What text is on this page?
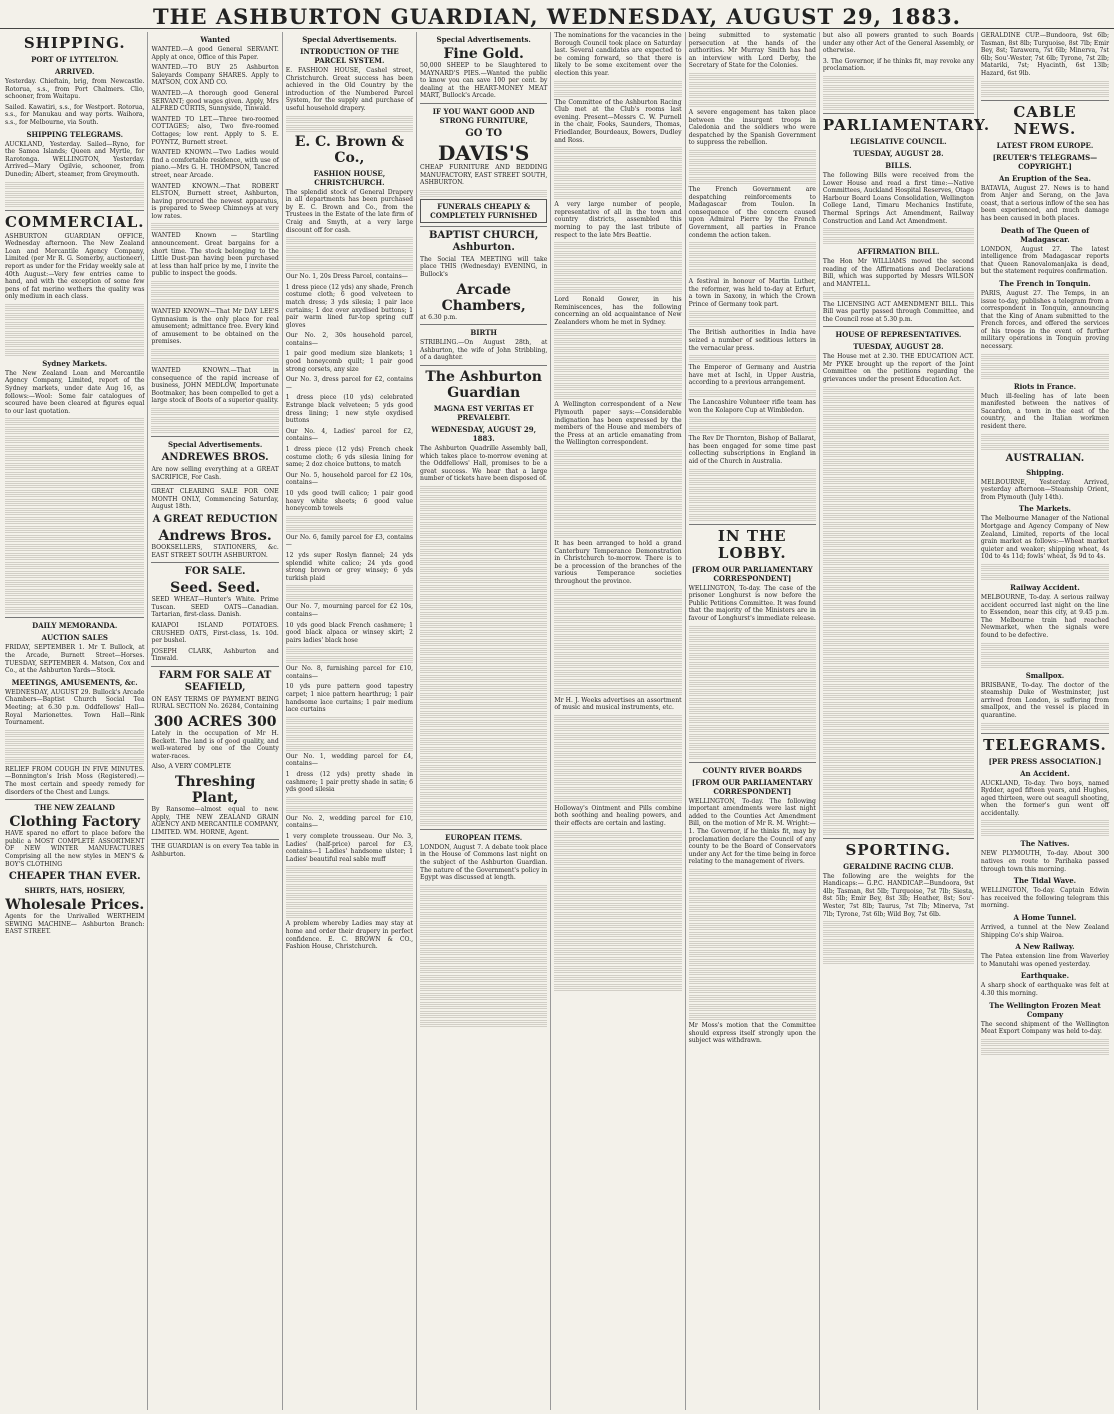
THE ASHBURTON GUARDIAN, WEDNESDAY, AUGUST 29, 1883.
SHIPPING.
PORT OF LYTTELTON.
ARRIVED.

Yesterday. Chieftain, brig, from Newcastle. Rotorua, s.s., from Port Chalmers. Clio, schooner, from Waitapu.

Sailed. Kawatiri, s.s., for Westport. Rotorua, s.s., for Manukau and way ports. Waihora, s.s., for Melbourne, via South.

SHIPPING TELEGRAMS.

AUCKLAND, Yesterday. Sailed—Ryno, for the Samoa Islands; Queen and Myrtle, for Rarotonga. WELLINGTON, Yesterday. Arrived—Mary Ogilvie, schooner, from Dunedin; Albert, steamer, from Greymouth.

COMMERCIAL.

ASHBURTON GUARDIAN OFFICE, Wednesday afternoon. The New Zealand Loan and Mercantile Agency Company, Limited (per Mr R. G. Somerby, auctioneer), report as under for the Friday weekly sale at 40th August:—Very few entries came to hand, and with the exception of some few pens of fat merino wethers the quality was only medium in each class.

Sydney Markets.

The New Zealand Loan and Mercantile Agency Company, Limited, report of the Sydney markets, under date Aug 16, as follows:—Wool: Some fair catalogues of scoured have been cleared at figures equal to our last quotation.

DAILY MEMORANDA.
AUCTION SALES

FRIDAY, SEPTEMBER 1. Mr T. Bullock, at the Arcade, Burnett Street—Horses. TUESDAY, SEPTEMBER 4. Matson, Cox and Co., at the Ashburton Yards—Stock.

MEETINGS, AMUSEMENTS, &c.

WEDNESDAY, AUGUST 29. Bullock's Arcade Chambers—Baptist Church Social Tea Meeting; at 6.30 p.m. Oddfellows' Hall—Royal Marionettes. Town Hall—Rink Tournament.

RELIEF FROM COUGH IN FIVE MINUTES.—Bonnington's Irish Moss (Registered).—The most certain and speedy remedy for disorders of the Chest and Lungs.

THE NEW ZEALAND
Clothing Factory

HAVE spared no effort to place before the public a MOST COMPLETE ASSORTMENT OF NEW WINTER MANUFACTURES Comprising all the new styles in MEN'S & BOY'S CLOTHING

CHEAPER THAN EVER.
SHIRTS, HATS, HOSIERY,
Wholesale Prices.

Agents for the Unrivalled WERTHEIM SEWING MACHINE— Ashburton Branch: EAST STREET.

Wanted

WANTED.—A good General SERVANT. Apply at once, Office of this Paper.

WANTED.—TO BUY 25 Ashburton Saleyards Company SHARES. Apply to MATSON, COX AND CO.

WANTED.—A thorough good General SERVANT; good wages given. Apply, Mrs ALFRED CURTIS, Sunnyside, Tinwald.

WANTED TO LET.—Three two-roomed COTTAGES; also, Two five-roomed Cottages; low rent. Apply to S. E. POYNTZ, Burnett street.

WANTED KNOWN.—Two Ladies would find a comfortable residence, with use of piano.—Mrs G. H. THOMPSON, Tancred street, near Arcade.

WANTED KNOWN.—That ROBERT ELSTON, Burnett street, Ashburton, having procured the newest apparatus, is prepared to Sweep Chimneys at very low rates.

WANTED Known — Startling announcement. Great bargains for a short time. The stock belonging to the Little Dust-pan having been purchased at less than half price by me, I invite the public to inspect the goods.

WANTED KNOWN—That Mr DAY LEE'S Gymnasium is the only place for real amusement; admittance free. Every kind of amusement to be obtained on the premises.

WANTED KNOWN.—That in consequence of the rapid increase of business, JOHN MEDLOW, Importunate Bootmaker, has been compelled to get a large stock of Boots of a superior quality.

Special Advertisements.
ANDREWES BROS.

Are now selling everything at a GREAT SACRIFICE, For Cash.

GREAT CLEARING SALE FOR ONE MONTH ONLY, Commencing Saturday, August 18th.

A GREAT REDUCTION
Andrews Bros.

BOOKSELLERS, STATIONERS, &c. EAST STREET SOUTH ASHBURTON.

FOR SALE.
Seed. Seed.

SEED WHEAT—Hunter's White. Prime Tuscan. SEED OATS—Canadian. Tartarian, first-class. Danish.

KAIAPOI ISLAND POTATOES. CRUSHED OATS, First-class, 1s. 10d. per bushel.

JOSEPH CLARK, Ashburton and Tinwald.

FARM FOR SALE AT SEAFIELD,

ON EASY TERMS OF PAYMENT BEING RURAL SECTION No. 26284, Containing

300 ACRES 300

Lately in the occupation of Mr H. Beckett. The land is of good quality, and well-watered by one of the County water-races.

Also, A VERY COMPLETE

Threshing Plant,

By Ransome—almost equal to new. Apply, THE NEW ZEALAND GRAIN AGENCY AND MERCANTILE COMPANY, LIMITED. WM. HORNE, Agent.

THE GUARDIAN is on every Tea table in Ashburton.

Special Advertisements.
INTRODUCTION OF THE PARCEL SYSTEM.

E. FASHION HOUSE, Cashel street, Christchurch. Great success has been achieved in the Old Country by the introduction of the Numbered Parcel System, for the supply and purchase of useful household drapery.

E. C. Brown & Co.,
FASHION HOUSE, CHRISTCHURCH.

The splendid stock of General Drapery in all departments has been purchased by E. C. Brown and Co., from the Trustees in the Estate of the late firm of Craig and Smyth, at a very large discount off for cash.

Our No. 1, 20s Dress Parcel, contains—

1 dress piece (12 yds) any shade, French costume cloth; 6 good velveteen to match dress; 3 yds silesia; 1 pair lace curtains; 1 doz over axydised buttons; 1 pair warm lined fur-top spring cuff gloves

Our No. 2, 30s household parcel, contains—

1 pair good medium size blankets; 1 good honeycomb quilt; 1 pair good strong corsets, any size

Our No. 3, dress parcel for £2, contains—

1 dress piece (10 yds) celebrated Estrange black velveteen; 5 yds good dress lining; 1 new style oxydised buttons

Our No. 4, Ladies' parcel for £2, contains—

1 dress piece (12 yds) French cheek costume cloth; 6 yds silesia lining for same; 2 doz choice buttons, to match

Our No. 5, household parcel for £2 10s, contains—

10 yds good twill calico; 1 pair good heavy white sheets; 6 good value honeycomb towels

Our No. 6, family parcel for £3, contains—

12 yds super Roslyn flannel; 24 yds splendid white calico; 24 yds good strong brown or grey winsey; 6 yds turkish plaid

Our No. 7, mourning parcel for £2 10s, contains—

10 yds good black French cashmere; 1 good black alpaca or winsey skirt; 2 pairs ladies' black hose

Our No. 8, furnishing parcel for £10, contains—

10 yds pure pattern good tapestry carpet; 1 nice pattern hearthrug; 1 pair handsome lace curtains; 1 pair medium lace curtains

Our No. 1, wedding parcel for £4, contains—

1 dress (12 yds) pretty shade in cashmere; 1 pair pretty shade in satin; 6 yds good silesia

Our No. 2, wedding parcel for £10, contains—

1 very complete trousseau. Our No. 3, Ladies' (half-price) parcel for £3, contains—1 Ladies' handsome ulster; 1 Ladies' beautiful real sable muff

A problem whereby Ladies may stay at home and order their drapery in perfect confidence. E. C. BROWN & CO., Fashion House, Christchurch.

Special Advertisements.
Fine Gold.

50,000 SHEEP to be Slaughtered to MAYNARD'S PIES.—Wanted the public to know you can save 100 per cent. by dealing at the HEART-MONEY MEAT MART, Bullock's Arcade.

IF YOU WANT GOOD AND STRONG FURNITURE,
GO TO
DAVIS'S

CHEAP FURNITURE AND BEDDING MANUFACTORY, EAST STREET SOUTH, ASHBURTON.

FUNERALS CHEAPLY & COMPLETELY FURNISHED
BAPTIST CHURCH, Ashburton.

The Social TEA MEETING will take place THIS (Wednesday) EVENING, in Bullock's

Arcade Chambers,

at 6.30 p.m.

BIRTH

STRIBLING.—On August 28th, at Ashburton, the wife of John Stribbling, of a daughter.

The Ashburton Guardian
MAGNA EST VERITAS ET PREVALEBIT.
WEDNESDAY, AUGUST 29, 1883.

The Ashburton Quadrille Assembly ball, which takes place to-morrow evening at the Oddfellows' Hall, promises to be a great success. We hear that a large number of tickets have been disposed of.

EUROPEAN ITEMS.

LONDON, August 7. A debate took place in the House of Commons last night on the subject of the Ashburton Guardian. The nature of the Government's policy in Egypt was discussed at length.

The nominations for the vacancies in the Borough Council took place on Saturday last. Several candidates are expected to be coming forward, so that there is likely to be some excitement over the election this year.

The Committee of the Ashburton Racing Club met at the Club's rooms last evening. Present—Messrs C. W. Purnell in the chair, Fooks, Saunders, Thomas, Friedlander, Bourdeaux, Bowers, Dudley and Ross.

A very large number of people, representative of all in the town and country districts, assembled this morning to pay the last tribute of respect to the late Mrs Beattie.

Lord Ronald Gower, in his Reminiscences, has the following concerning an old acquaintance of New Zealanders whom he met in Sydney.

A Wellington correspondent of a New Plymouth paper says:—Considerable indignation has been expressed by the members of the House and members of the Press at an article emanating from the Wellington correspondent.

It has been arranged to hold a grand Canterbury Temperance Demonstration in Christchurch to-morrow. There is to be a procession of the branches of the various Temperance societies throughout the province.

Mr H. J. Weeks advertises an assortment of music and musical instruments, etc.

Holloway's Ointment and Pills combine both soothing and healing powers, and their effects are certain and lasting.

being submitted to systematic persecution at the hands of the authorities. Mr Murray Smith has had an interview with Lord Derby, the Secretary of State for the Colonies.

A severe engagement has taken place between the insurgent troops in Caledonia and the soldiers who were despatched by the Spanish Government to suppress the rebellion.

The French Government are despatching reinforcements to Madagascar from Toulon. In consequence of the concern caused upon Admiral Pierre by the French Government, all parties in France condemn the action taken.

A festival in honour of Martin Luther, the reformer, was held to-day at Erfurt, a town in Saxony, in which the Crown Prince of Germany took part.

The British authorities in India have seized a number of seditious letters in the vernacular press.

The Emperor of Germany and Austria have met at Ischl, in Upper Austria, according to a previous arrangement.

The Lancashire Volunteer rifle team has won the Kolapore Cup at Wimbledon.

The Rev Dr Thornton, Bishop of Ballarat, has been engaged for some time past collecting subscriptions in England in aid of the Church in Australia.

IN THE LOBBY.
[FROM OUR PARLIAMENTARY CORRESPONDENT]

WELLINGTON, To-day. The case of the prisoner Longhurst is now before the Public Petitions Committee. It was found that the majority of the Ministers are in favour of Longhurst's immediate release.

COUNTY RIVER BOARDS
[FROM OUR PARLIAMENTARY CORRESPONDENT]

WELLINGTON, To-day. The following important amendments were last night added to the Counties Act Amendment Bill, on the motion of Mr R. M. Wright:—1. The Governor, if he thinks fit, may by proclamation declare the Council of any county to be the Board of Conservators under any Act for the time being in force relating to the management of rivers.

Mr Moss's motion that the Committee should express itself strongly upon the subject was withdrawn.

but also all powers granted to such Boards under any other Act of the General Assembly, or otherwise.

3. The Governor, if he thinks fit, may revoke any proclamation.

PARLIAMENTARY.
LEGISLATIVE COUNCIL.
TUESDAY, AUGUST 28.
BILLS.

The following Bills were received from the Lower House and read a first time:—Native Committees, Auckland Hospital Reserves, Otago Harbour Board Loans Consolidation, Wellington College Land, Timaru Mechanics Institute, Thermal Springs Act Amendment, Railway Construction and Land Act Amendment.

AFFIRMATION BILL.

The Hon Mr WILLIAMS moved the second reading of the Affirmations and Declarations Bill, which was supported by Messrs WILSON and MANTELL.

The LICENSING ACT AMENDMENT BILL. This Bill was partly passed through Committee, and the Council rose at 5.30 p.m.

HOUSE OF REPRESENTATIVES.
TUESDAY, AUGUST 28.

The House met at 2.30. THE EDUCATION ACT. Mr PYKE brought up the report of the Joint Committee on the petitions regarding the grievances under the present Education Act.

SPORTING.
GERALDINE RACING CLUB.

The following are the weights for the Handicaps:— G.P.C. HANDICAP.—Bundoora, 9st 4lb; Tasman, 8st 5lb; Turquoise, 7st 7lb; Siesta, 8st 5lb; Emir Bey, 8st 3lb; Heather, 8st; Sou'-Wester, 7st 8lb; Taurus, 7st 7lb; Minerva, 7st 7lb; Tyrone, 7st 6lb; Wild Boy, 7st 6lb.

GERALDINE CUP.—Bundoora, 9st 6lb; Tasman, 8st 8lb; Turquoise, 8st 7lb; Emir Bey, 8st; Tarawera, 7st 6lb; Minerva, 7st 6lb; Sou'-Wester, 7st 6lb; Tyrone, 7st 2lb; Matariki, 7st; Hyacinth, 6st 13lb; Hazard, 6st 9lb.

CABLE NEWS.
LATEST FROM EUROPE.
[REUTER'S TELEGRAMS—COPYRIGHT.]
An Eruption of the Sea.

BATAVIA, August 27. News is to hand from Anjer and Serang, on the Java coast, that a serious inflow of the sea has been experienced, and much damage has been caused in both places.

Death of The Queen of Madagascar.

LONDON, August 27. The latest intelligence from Madagascar reports that Queen Ranovalomanjaka is dead, but the statement requires confirmation.

The French in Tonquin.

PARIS, August 27. The Temps, in an issue to-day, publishes a telegram from a correspondent in Tonquin, announcing that the King of Anam submitted to the French forces, and offered the services of his troops in the event of further military operations in Tonquin proving necessary.

Riots in France.

Much ill-feeling has of late been manifested between the natives of Sacardon, a town in the east of the country, and the Italian workmen resident there.

AUSTRALIAN.
Shipping.

MELBOURNE, Yesterday. Arrived, yesterday afternoon—Steamship Orient, from Plymouth (July 14th).

The Markets.

The Melbourne Manager of the National Mortgage and Agency Company of New Zealand, Limited, reports of the local grain market as follows:—Wheat market quieter and weaker; shipping wheat, 4s 10d to 4s 11d; fowls' wheat, 3s 9d to 4s.

Railway Accident.

MELBOURNE, To-day. A serious railway accident occurred last night on the line to Essendon, near this city, at 9.45 p.m. The Melbourne train had reached Newmarket, when the signals were found to be defective.

Smallpox.

BRISBANE, To-day. The doctor of the steamship Duke of Westminster, just arrived from London, is suffering from smallpox, and the vessel is placed in quarantine.

TELEGRAMS.
[PER PRESS ASSOCIATION.]
An Accident.

AUCKLAND, To-day. Two boys, named Rydder, aged fifteen years, and Hughes, aged thirteen, were out seagull shooting, when the former's gun went off accidentally.

The Natives.

NEW PLYMOUTH, To-day. About 300 natives en route to Parihaka passed through town this morning.

The Tidal Wave.

WELLINGTON, To-day. Captain Edwin has received the following telegram this morning.

A Home Tunnel.

Arrived, a tunnel at the New Zealand Shipping Co's ship Wairoa.

A New Railway.

The Patea extension line from Waverley to Manutahi was opened yesterday.

Earthquake.

A sharp shock of earthquake was felt at 4.30 this morning.

The Wellington Frozen Meat Company

The second shipment of the Wellington Meat Export Company was held to-day.
